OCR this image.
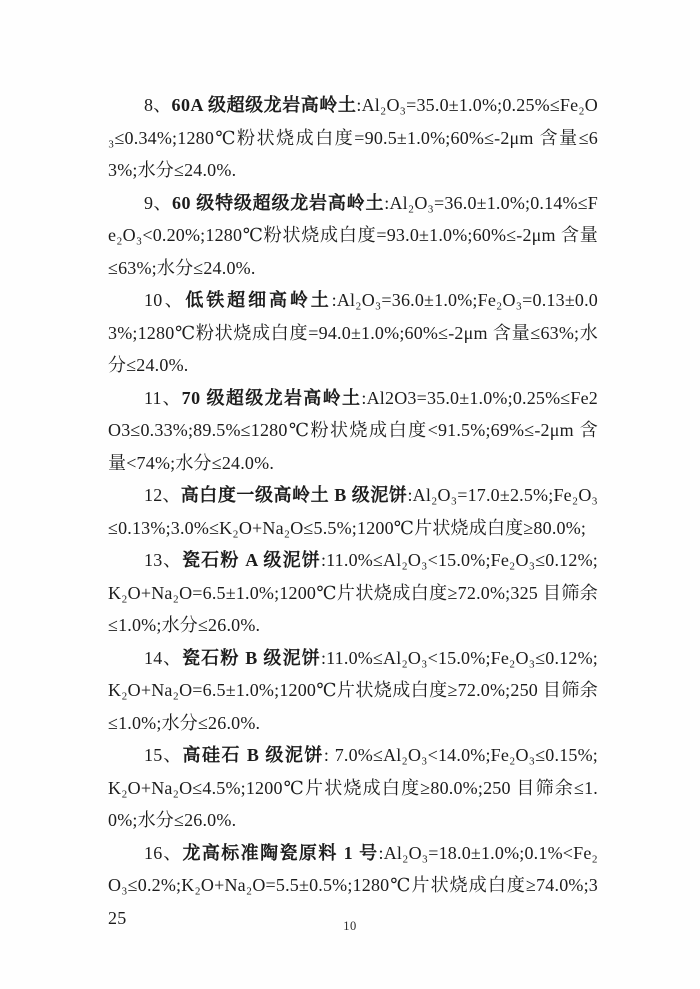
8、60A 级超级龙岩高岭土:Al₂O₃=35.0±1.0%;0.25%≤Fe₂O₃≤0.34%;1280℃粉状烧成白度=90.5±1.0%;60%≤-2μm 含量≤63%;水分≤24.0%.

9、60 级特级超级龙岩高岭土:Al₂O₃=36.0±1.0%;0.14%≤Fe₂O₃<0.20%;1280℃粉状烧成白度=93.0±1.0%;60%≤-2μm 含量≤63%;水分≤24.0%.

10、低铁超细高岭土:Al₂O₃=36.0±1.0%;Fe₂O₃=0.13±0.03%;1280℃粉状烧成白度=94.0±1.0%;60%≤-2μm 含量≤63%;水分≤24.0%.

11、70 级超级龙岩高岭土:Al2O3=35.0±1.0%;0.25%≤Fe2O3≤0.33%;89.5%≤1280℃粉状烧成白度<91.5%;69%≤-2μm 含量<74%;水分≤24.0%.

12、高白度一级高岭土 B 级泥饼:Al₂O₃=17.0±2.5%;Fe₂O₃≤0.13%;3.0%≤K₂O+Na₂O≤5.5%;1200℃片状烧成白度≥80.0%;

13、瓷石粉 A 级泥饼:11.0%≤Al₂O₃<15.0%;Fe₂O₃≤0.12%;K₂O+Na₂O=6.5±1.0%;1200℃片状烧成白度≥72.0%;325 目筛余≤1.0%;水分≤26.0%.

14、瓷石粉 B 级泥饼:11.0%≤Al₂O₃<15.0%;Fe₂O₃≤0.12%;K₂O+Na₂O=6.5±1.0%;1200℃片状烧成白度≥72.0%;250 目筛余≤1.0%;水分≤26.0%.

15、高硅石 B 级泥饼: 7.0%≤Al₂O₃<14.0%;Fe₂O₃≤0.15%;K₂O+Na₂O≤4.5%;1200℃片状烧成白度≥80.0%;250 目筛余≤1.0%;水分≤26.0%.

16、龙高标准陶瓷原料 1 号:Al₂O₃=18.0±1.0%;0.1%<Fe₂O₃≤0.2%;K₂O+Na₂O=5.5±0.5%;1280℃片状烧成白度≥74.0%;325	10
